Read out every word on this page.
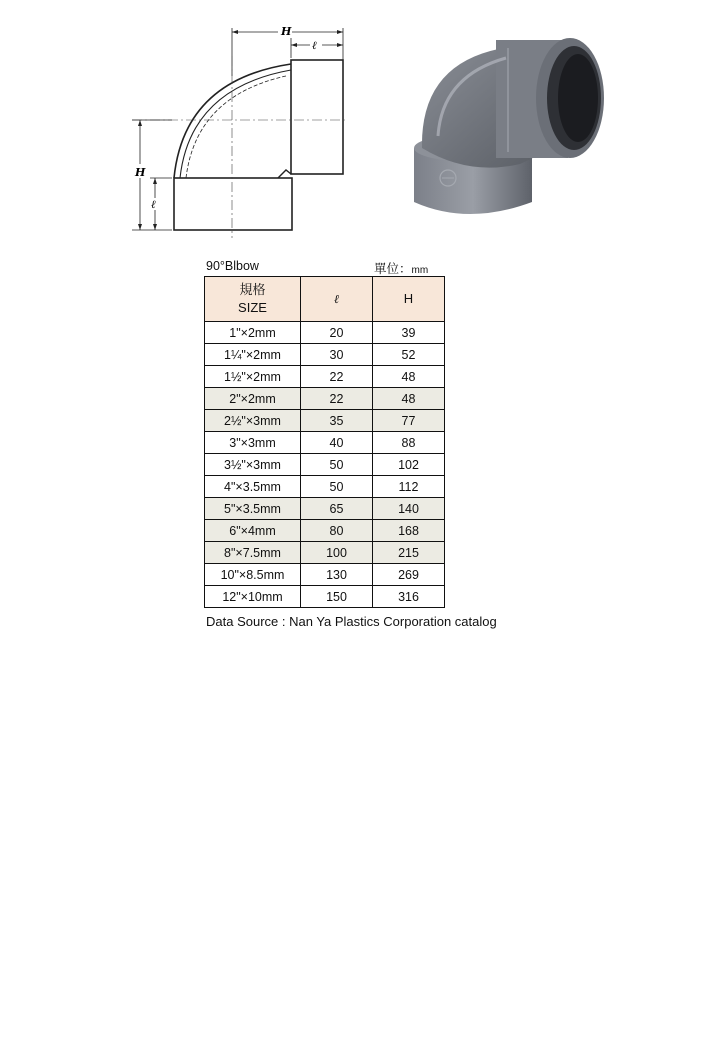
H
ℓ
H
ℓ
90°Blbow	單位：mm
規格
SIZE	ℓ	H
1"×2mm	20	39
1¼"×2mm	30	52
1½"×2mm	22	48
2"×2mm	22	48
2½"×3mm	35	77
3"×3mm	40	88
3½"×3mm	50	102
4"×3.5mm	50	112
5"×3.5mm	65	140
6"×4mm	80	168
8"×7.5mm	100	215
10"×8.5mm	130	269
12"×10mm	150	316
Data Source : Nan Ya Plastics Corporation catalog
